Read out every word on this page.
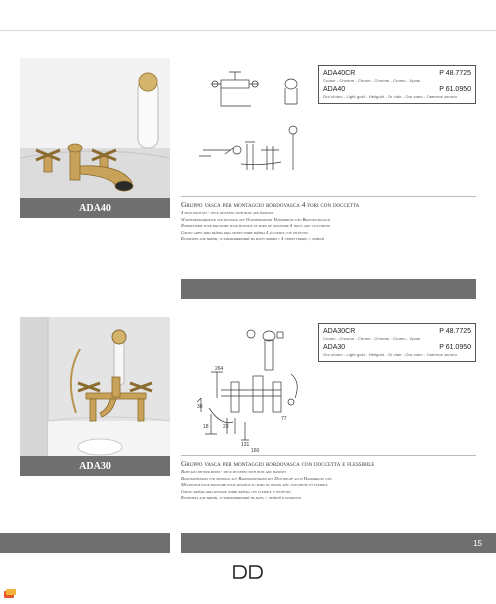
ADA40
ADA40CR	P 48.7725
Cromo - Chrome - Chrom - Chrome - Cromo - Хром
ADA40	P 61.0950
Oro chiaro - Light gold - Hellgold - Or clair - Oro claro - Светлое золото
Gruppo vasca per montaggio bordovasca 4 fori con doccetta
4 hole bath set - deck mounted with hose and handset
Wannenrandarmatur zur montage auf Wannenrandmit Handbrause und Brauseschlauch
Robinetterie pour baignoire pour montage en bord de baignoire 4 trous avec douchette
Grupo grifo para bañera para monte sobre bañera 4 agujeros con teléfono
Комплект для ванны, устанавливаемый на борту ванны с 4 отверстиями, с лейкой
ADA30
264
30
77
23
131
18
160
ADA30CR	P 48.7725
Cromo - Chrome - Chrom - Chrome - Cromo - Хром
ADA30	P 61.0950
Oro chiaro - Light gold - Hellgold - Or clair - Oro claro - Светлое золото
Gruppo vasca per montaggio bordovasca con doccetta e flessibile
Bath and shower mixer - deck mounted with hose and handset
Badewannensatz für montage auf Badewannenrand mit Duschkopf auch Handbrause und
Mélangeur pour baignoire pour montage au bord du bassin avec douchette et flexible
Grupo bañera para montaje sobre bañera con flexible y teléfono
Комплект для ванны, устанавливаемый на борт, с лейкой и шлангом
15
